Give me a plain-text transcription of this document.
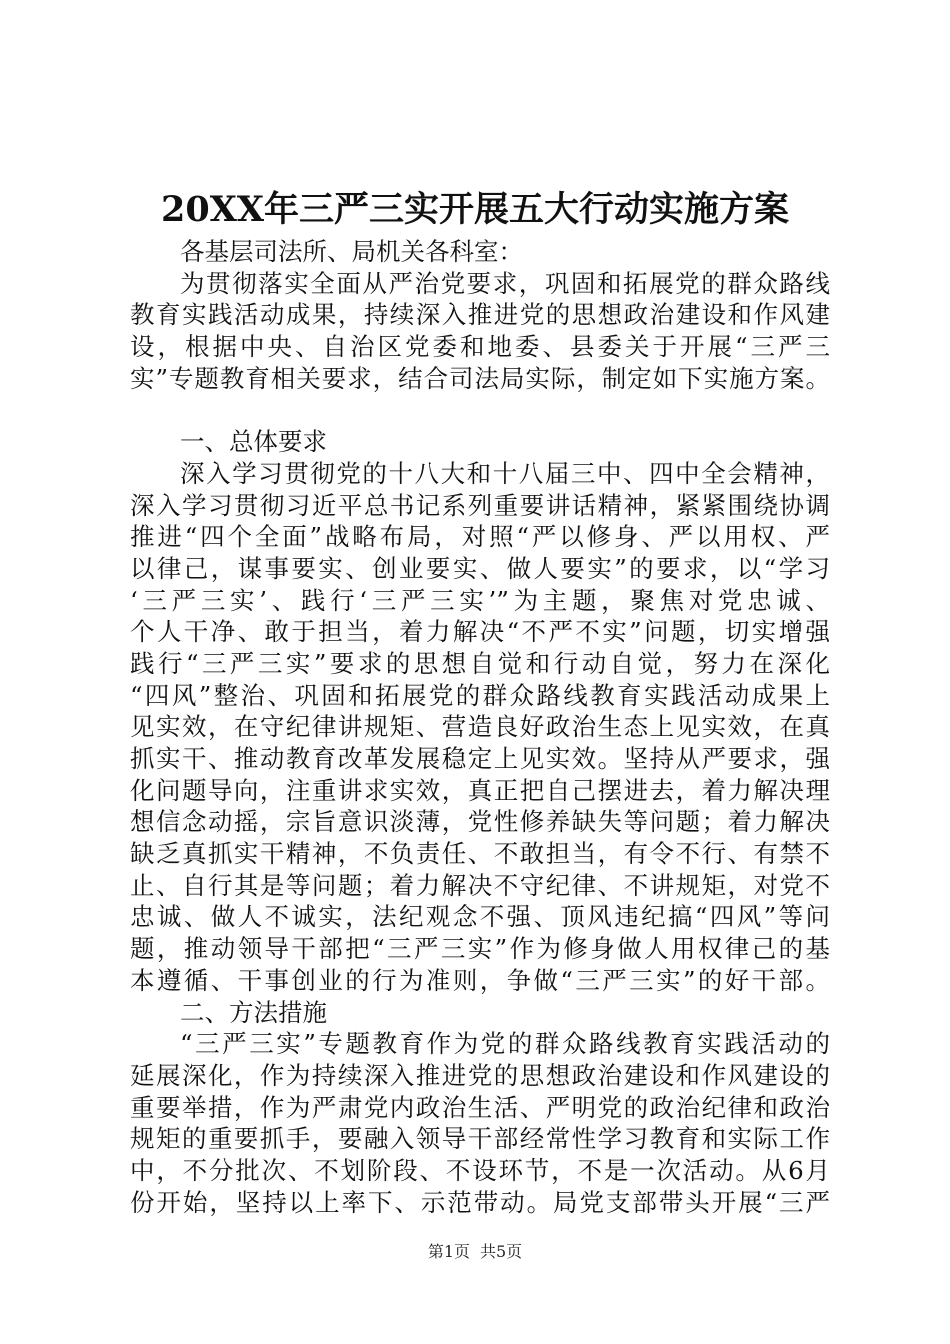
20XX年三严三实开展五大行动实施方案
各基层司法所、局机关各科室：
为贯彻落实全面从严治党要求，巩固和拓展党的群众路线
教育实践活动成果，持续深入推进党的思想政治建设和作风建
设，根据中央、自治区党委和地委、县委关于开展“三严三
实”专题教育相关要求，结合司法局实际，制定如下实施方案。
一、总体要求
深入学习贯彻党的十八大和十八届三中、四中全会精神，
深入学习贯彻习近平总书记系列重要讲话精神，紧紧围绕协调
推进“四个全面”战略布局，对照“严以修身、严以用权、严
以律己，谋事要实、创业要实、做人要实”的要求，以“学习
‘三严三实’、践行‘三严三实’”为主题，聚焦对党忠诚、
个人干净、敢于担当，着力解决“不严不实”问题，切实增强
践行“三严三实”要求的思想自觉和行动自觉，努力在深化
“四风”整治、巩固和拓展党的群众路线教育实践活动成果上
见实效，在守纪律讲规矩、营造良好政治生态上见实效，在真
抓实干、推动教育改革发展稳定上见实效。坚持从严要求，强
化问题导向，注重讲求实效，真正把自己摆进去，着力解决理
想信念动摇，宗旨意识淡薄，党性修养缺失等问题；着力解决
缺乏真抓实干精神，不负责任、不敢担当，有令不行、有禁不
止、自行其是等问题；着力解决不守纪律、不讲规矩，对党不
忠诚、做人不诚实，法纪观念不强、顶风违纪搞“四风”等问
题，推动领导干部把“三严三实”作为修身做人用权律己的基
本遵循、干事创业的行为准则，争做“三严三实”的好干部。
二、方法措施
“三严三实”专题教育作为党的群众路线教育实践活动的
延展深化，作为持续深入推进党的思想政治建设和作风建设的
重要举措，作为严肃党内政治生活、严明党的政治纪律和政治
规矩的重要抓手，要融入领导干部经常性学习教育和实际工作
中，不分批次、不划阶段、不设环节，不是一次活动。从6月
份开始，坚持以上率下、示范带动。局党支部带头开展“三严
第1页 共5页
